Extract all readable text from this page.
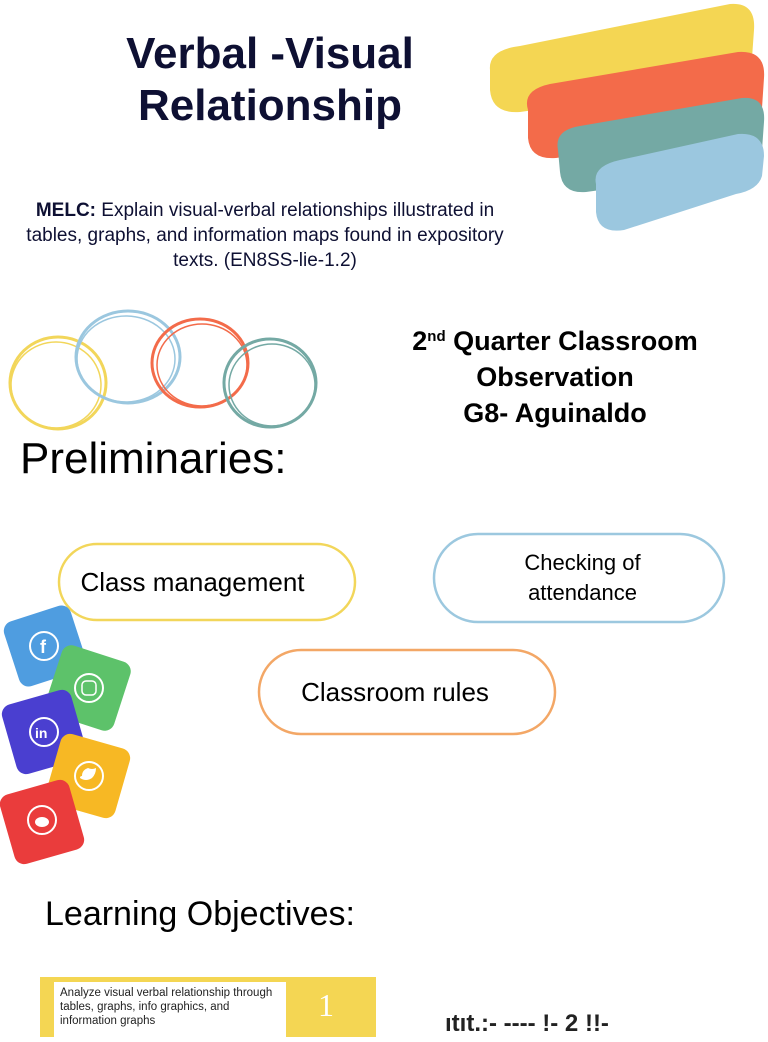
Verbal -Visual
Relationship
MELC: Explain visual-verbal relationships illustrated in tables, graphs, and information maps found in expository texts. (EN8SS-lie-1.2)
2nd Quarter Classroom
Observation
G8- Aguinaldo
Preliminaries:
Class management
Checking of attendance
Classroom rules
f
in
Learning Objectives:
Analyze visual verbal relationship through tables, graphs, info graphics, and information graphs	1
ıtıt.:- ---- !- 2 !!-
